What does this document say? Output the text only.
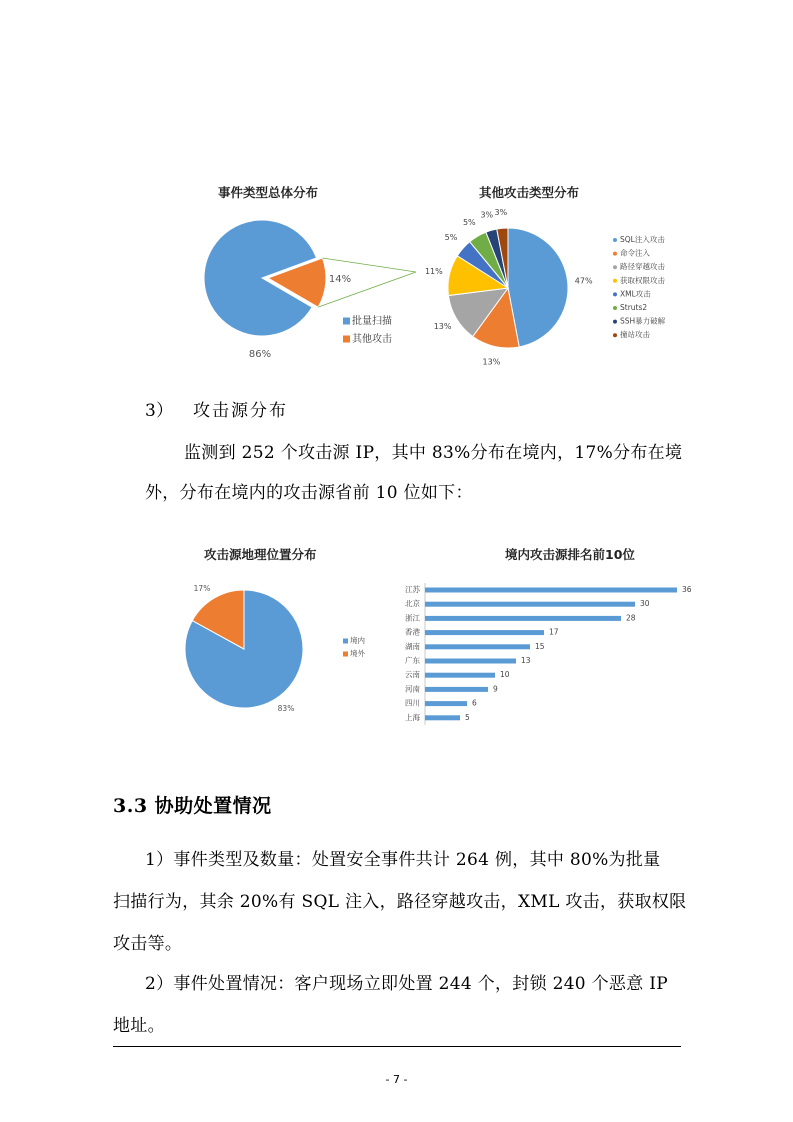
事件类型总体分布	其他攻击类型分布
14%
86%
批量扫描
其他攻击
47%
13%
13%
11%
5%
5%
3% 3%
SQL注入攻击
命令注入
路径穿越攻击
获取权限攻击
XML攻击
Struts2
SSH暴力破解
撞站攻击
3） 攻击源分布
监测到 252 个攻击源 IP，其中 83%分布在境内，17%分布在境
外，分布在境内的攻击源省前 10 位如下：
攻击源地理位置分布	境内攻击源排名前10位
83%
17%
境内
境外
江苏	36
北京	30
浙江	28
香港	17
湖南	15
广东	13
云南	10
河南	9
四川	6
上海	5
3.3 协助处置情况
1）事件类型及数量：处置安全事件共计 264 例，其中 80%为批量
扫描行为，其余 20%有 SQL 注入，路径穿越攻击，XML 攻击，获取权限
攻击等。
2）事件处置情况：客户现场立即处置 244 个，封锁 240 个恶意 IP
地址。
- 7 -
